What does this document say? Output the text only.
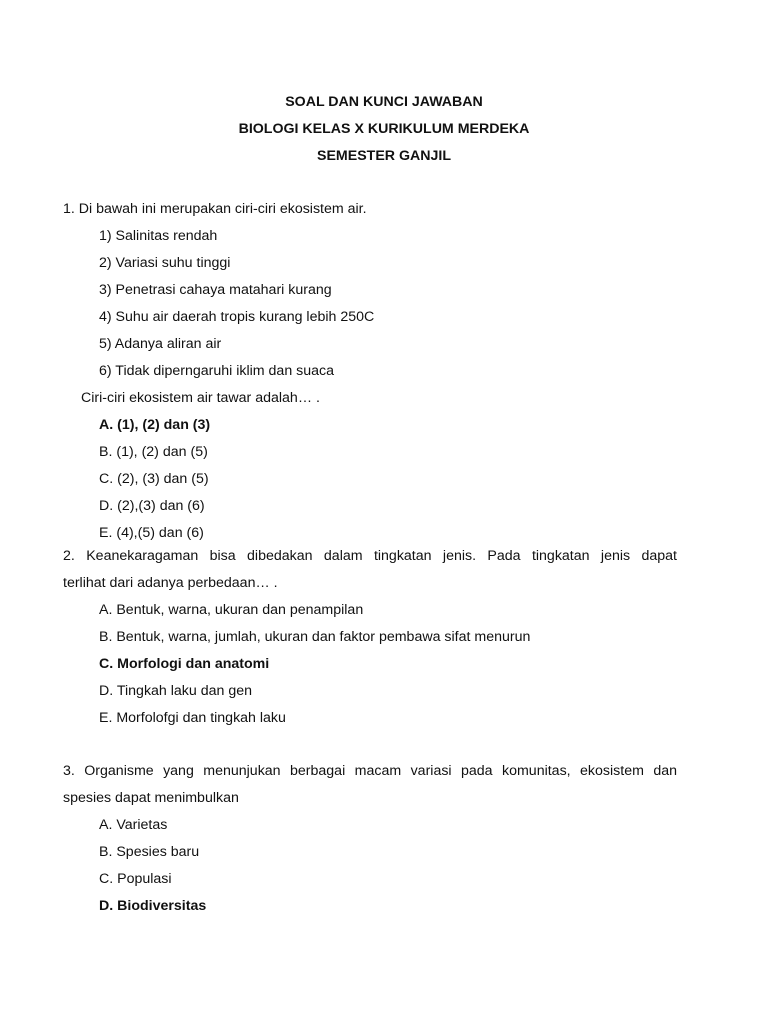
SOAL DAN KUNCI JAWABAN
BIOLOGI KELAS X KURIKULUM MERDEKA
SEMESTER GANJIL
1. Di bawah ini merupakan ciri-ciri ekosistem air.
1) Salinitas rendah
2) Variasi suhu tinggi
3) Penetrasi cahaya matahari kurang
4) Suhu air daerah tropis kurang lebih 250C
5) Adanya aliran air
6) Tidak diperngaruhi iklim dan suaca
Ciri-ciri ekosistem air tawar adalah… .
A. (1), (2) dan (3)
B. (1), (2) dan (5)
C. (2), (3) dan (5)
D. (2),(3) dan (6)
E. (4),(5) dan (6)
2. Keanekaragaman bisa dibedakan dalam tingkatan jenis. Pada tingkatan jenis dapat
terlihat dari adanya perbedaan… .
A. Bentuk, warna, ukuran dan penampilan
B. Bentuk, warna, jumlah, ukuran dan faktor pembawa sifat menurun
C. Morfologi dan anatomi
D. Tingkah laku dan gen
E. Morfolofgi dan tingkah laku
3. Organisme yang menunjukan berbagai macam variasi pada komunitas, ekosistem dan
spesies dapat menimbulkan
A. Varietas
B. Spesies baru
C. Populasi
D. Biodiversitas
